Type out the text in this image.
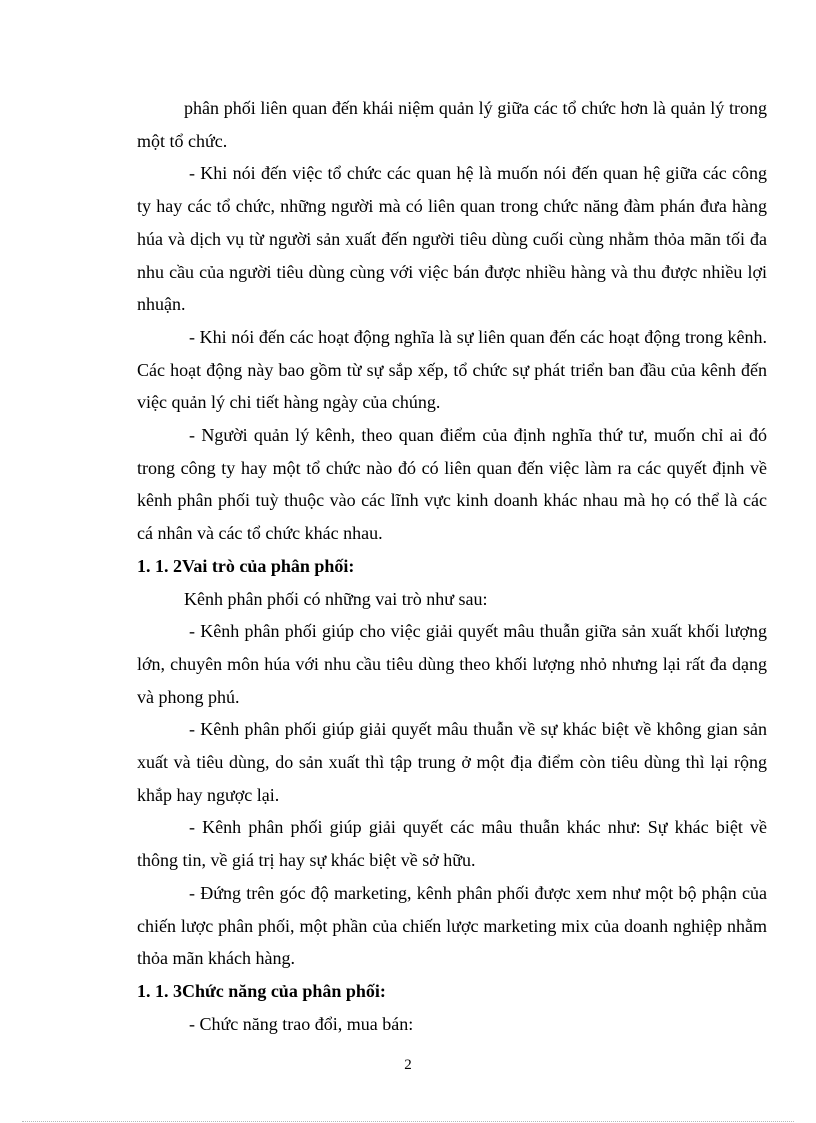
phân phối liên quan đến khái niệm quản lý giữa các tổ chức hơn là quản lý trong một tổ chức.

- Khi nói đến việc tổ chức các quan hệ là muốn nói đến quan hệ giữa các công ty hay các tổ chức, những người mà có liên quan trong chức năng đàm phán đưa hàng húa và dịch vụ từ người sản xuất đến người tiêu dùng cuối cùng nhằm thỏa mãn tối đa nhu cầu của người tiêu dùng cùng với việc bán được nhiều hàng và thu được nhiều lợi nhuận.

- Khi nói đến các hoạt động nghĩa là sự liên quan đến các hoạt động trong kênh. Các hoạt động này bao gồm từ sự sắp xếp, tổ chức sự phát triển ban đầu của kênh đến việc quản lý chi tiết hàng ngày của chúng.

- Người quản lý kênh, theo quan điểm của định nghĩa thứ tư, muốn chỉ ai đó trong công ty hay một tổ chức nào đó có liên quan đến việc làm ra các quyết định về kênh phân phối tuỳ thuộc vào các lĩnh vực kinh doanh khác nhau mà họ có thể là các cá nhân và các tổ chức khác nhau.

1. 1. 2Vai trò của phân phối:

Kênh phân phối có những vai trò như sau:

- Kênh phân phối giúp cho việc giải quyết mâu thuẫn giữa sản xuất khối lượng lớn, chuyên môn húa với nhu cầu tiêu dùng theo khối lượng nhỏ nhưng lại rất đa dạng và phong phú.

- Kênh phân phối giúp giải quyết mâu thuẫn về sự khác biệt về không gian sản xuất và tiêu dùng, do sản xuất thì tập trung ở một địa điểm còn tiêu dùng thì lại rộng khắp hay ngược lại.

- Kênh phân phối giúp giải quyết các mâu thuẫn khác như: Sự khác biệt về thông tin, về giá trị hay sự khác biệt về sở hữu.

- Đứng trên góc độ marketing, kênh phân phối được xem như một bộ phận của chiến lược phân phối, một phần của chiến lược marketing mix của doanh nghiệp nhằm thỏa mãn khách hàng.

1. 1. 3Chức năng của phân phối:

- Chức năng trao đổi, mua bán:

2
